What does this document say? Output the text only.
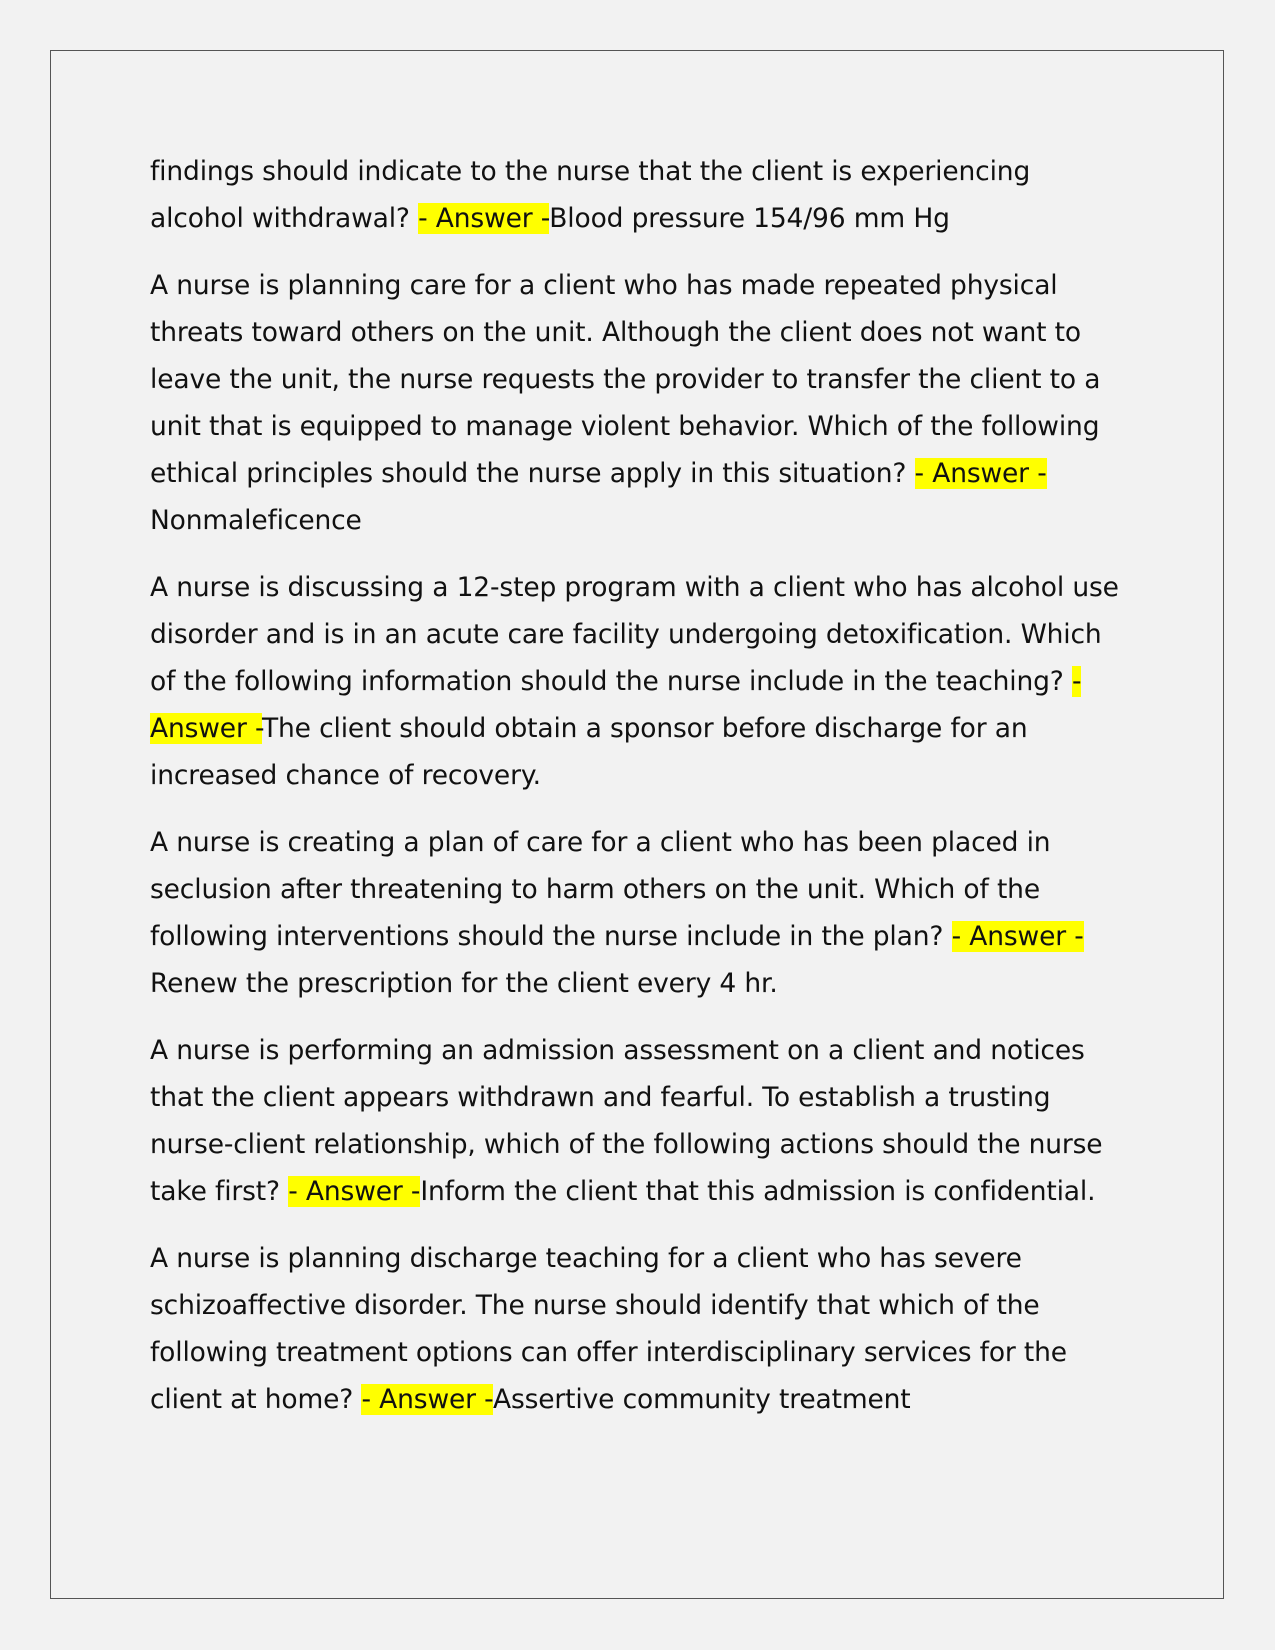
findings should indicate to the nurse that the client is experiencing alcohol withdrawal? - Answer -Blood pressure 154/96 mm Hg

A nurse is planning care for a client who has made repeated physical threats toward others on the unit. Although the client does not want to leave the unit, the nurse requests the provider to transfer the client to a unit that is equipped to manage violent behavior. Which of the following ethical principles should the nurse apply in this situation? - Answer -Nonmaleficence

A nurse is discussing a 12-step program with a client who has alcohol use disorder and is in an acute care facility undergoing detoxification. Which of the following information should the nurse include in the teaching? - Answer -The client should obtain a sponsor before discharge for an increased chance of recovery.

A nurse is creating a plan of care for a client who has been placed in seclusion after threatening to harm others on the unit. Which of the following interventions should the nurse include in the plan? - Answer -Renew the prescription for the client every 4 hr.

A nurse is performing an admission assessment on a client and notices that the client appears withdrawn and fearful. To establish a trusting nurse-client relationship, which of the following actions should the nurse take first? - Answer -Inform the client that this admission is confidential.

A nurse is planning discharge teaching for a client who has severe schizoaffective disorder. The nurse should identify that which of the following treatment options can offer interdisciplinary services for the client at home? - Answer -Assertive community treatment
